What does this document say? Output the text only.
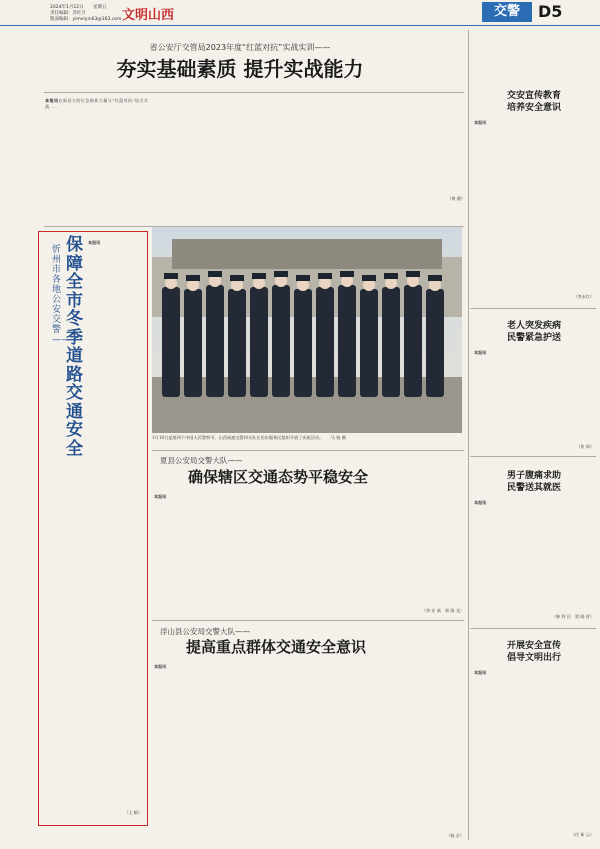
2024年1月12日 星期五
责任编辑：苏红月
版面编辑：yimeiyin63@163.com 文明山西	交警	D5
省公安厅交管局2023年度“红蓝对抗”实战实训——
夯实基础素质 提升实战能力
本报讯在新设立的应急指挥力量与“红蓝对抗”综合实战……
（黄 健）
忻州市各地公安交警——
保障全市冬季道路交通安全
本报讯
（王 颖）
1月10日是第四个中国人民警察节，山西高速交警四支队长治东服务区组织开展了庆祝活动。 马 骁 摄
夏县公安局交警大队——
确保辖区交通态势平稳安全
本报讯
（李 宏 斌　郭 海 龙）
浮山县公安局交警大队——
提高重点群体交通安全意识
本报讯
（杨 舍）
交安宣传教育
培养安全意识
本报讯
（李永红）
老人突发疾病
民警紧急护送
本报讯
（焦 周）
男子腹痛求助
民警送其就医
本报讯
（韩 利 民　贾 晓 智）
开展安全宣传
倡导文明出行
本报讯
（任 新 云）
